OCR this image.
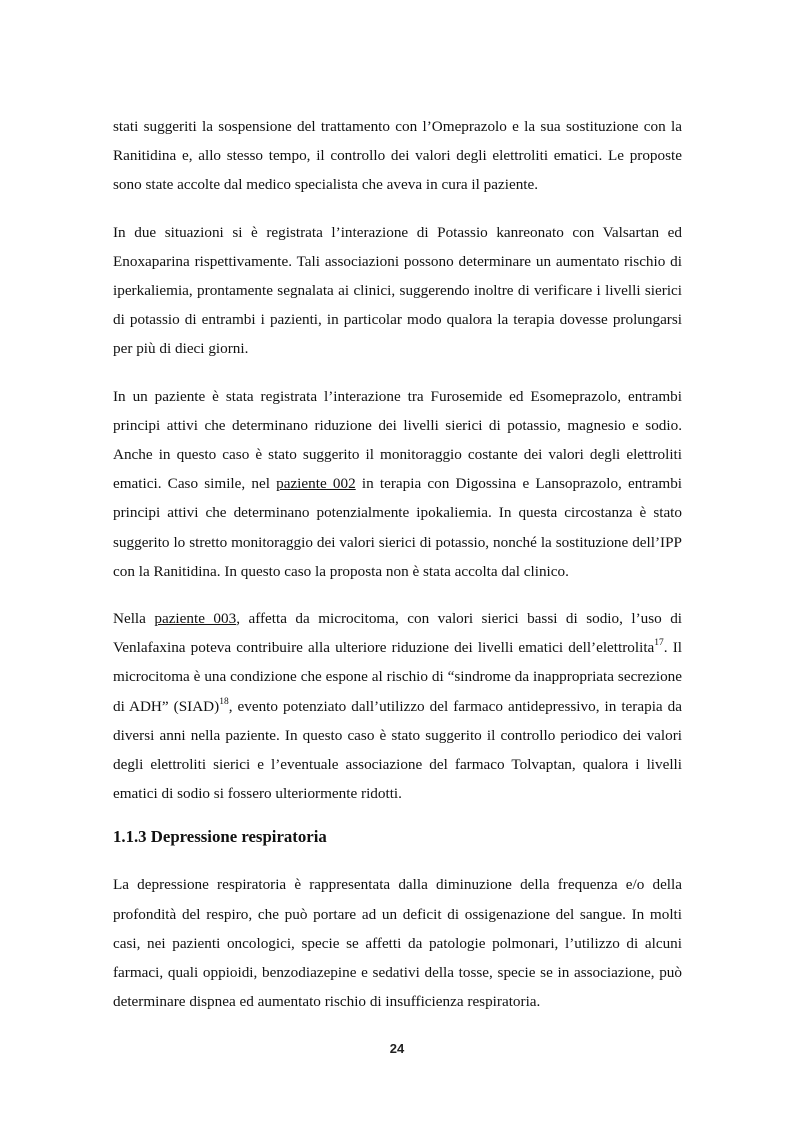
stati suggeriti la sospensione del trattamento con l’Omeprazolo e la sua sostituzione con la Ranitidina e, allo stesso tempo, il controllo dei valori degli elettroliti ematici. Le proposte sono state accolte dal medico specialista che aveva in cura il paziente.

In due situazioni si è registrata l’interazione di Potassio kanreonato con Valsartan ed Enoxaparina rispettivamente. Tali associazioni possono determinare un aumentato rischio di iperkaliemia, prontamente segnalata ai clinici, suggerendo inoltre di verificare i livelli sierici di potassio di entrambi i pazienti, in particolar modo qualora la terapia dovesse prolungarsi per più di dieci giorni.

In un paziente è stata registrata l’interazione tra Furosemide ed Esomeprazolo, entrambi principi attivi che determinano riduzione dei livelli sierici di potassio, magnesio e sodio. Anche in questo caso è stato suggerito il monitoraggio costante dei valori degli elettroliti ematici. Caso simile, nel paziente 002 in terapia con Digossina e Lansoprazolo, entrambi principi attivi che determinano potenzialmente ipokaliemia. In questa circostanza è stato suggerito lo stretto monitoraggio dei valori sierici di potassio, nonché la sostituzione dell’IPP con la Ranitidina. In questo caso la proposta non è stata accolta dal clinico.

Nella paziente 003, affetta da microcitoma, con valori sierici bassi di sodio, l’uso di Venlafaxina poteva contribuire alla ulteriore riduzione dei livelli ematici dell’elettrolita$^{17}$. Il microcitoma è una condizione che espone al rischio di “sindrome da inappropriata secrezione di ADH” (SIAD)$^{18}$, evento potenziato dall’utilizzo del farmaco antidepressivo, in terapia da diversi anni nella paziente. In questo caso è stato suggerito il controllo periodico dei valori degli elettroliti sierici e l’eventuale associazione del farmaco Tolvaptan, qualora i livelli ematici di sodio si fossero ulteriormente ridotti.

1.1.3 Depressione respiratoria

La depressione respiratoria è rappresentata dalla diminuzione della frequenza e/o della profondità del respiro, che può portare ad un deficit di ossigenazione del sangue. In molti casi, nei pazienti oncologici, specie se affetti da patologie polmonari, l’utilizzo di alcuni farmaci, quali oppioidi, benzodiazepine e sedativi della tosse, specie se in associazione, può determinare dispnea ed aumentato rischio di insufficienza respiratoria.

24
